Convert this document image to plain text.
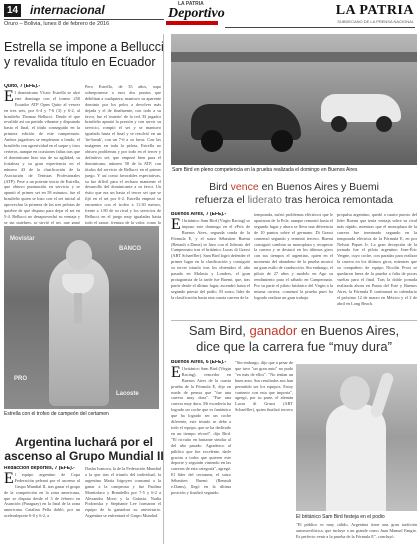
14 internacional
Oruro – Bolivia, lunes 8 de febrero de 2016
LA PATRIA
Deportivo	LA PATRIA
SUBDECANO DE LA PRENSA NACIONAL
Estrella se impone a Bellucci y revalida título en Ecuador
Quito, 7 (EFE).-
E l dominicano Víctor Estrella se alzó este domingo con el torneo 250 Ecuador ATP Open Quito al vencer en tres sets, por 6-4 y 7-6 (3) y 6-2, al brasileño Thomaz Bellucci. Desde el que revalidó así un partido vibrante y disputado hasta el final, el título conseguido en la primera edición de este campeonato. Ambos jugadores se emplearon a fondo, el brasileño con agresividad en el saque y tiros certeros, aunque en ocasiones faltas tras que el dominicano hizo uso de su agilidad, su fortaleza y su gran experiencia en el número 43 de la clasificación de la Asociación de Tenistas Profesionales (ATP). Pese a un potente inicio de Estrella, que obtuvo puntuación en servicio y se apuntó el primer set en 58 minutos, fue el brasileño quien se hizo con el set inicial al aprovechar la primera de las tres pelotas de quiebre de que dispuso para dejar el set en 5-4. Bellucci no desaprovechó su ventaja y se sin quiebres, se sirvió el set, que ganó
Pero Estrella, de 35 años, supo sobreponerse a esos dos puntos que debilitan a cualquiera, mantuvo su aparente dominio por los pelos a devolver más dejada y el de finalmente, con todo a su favor, fue el 'muerto' de la red. El jugador brasileño apuntó la presión y con servir su servicio, rompió el set y se mantuvo igualado hasta el final y se resolvió en un 'tie-break', con un 7-6 a su favor. Con las imágenes en toda la pelota, Estrella no obtuvo problemas y por todo en el tercer y definitivo set, que empezó bien para el dominicano, número 58 de la ATP, con títulos del servicio de Bellucci en el primer juego. Y así como favorables espectativas, su fue difícil para el rechazo mantener el desarrollo del dominicante a su favor. Un éxito que era un hasta el tercer set que se fijó en el set por 6-2. Estrella empezó su encuentro con el trofeo a 11:30 metros, frente a 1.80 de su rival y los servicios de Bellucci en el juego muy igualadas hasta todo el saque, frenazo de la valor, como lo
Movistar
BANCO
PRO
Lacoste
Estrella con el trofeo de campeón del certamen
Argentina luchará por el ascenso al Grupo Mundial II
Redacción deportes, 7 (EFE).-
E l equipo argentino de Copa Federación peleará por el ascenso al Grupo Mundial II, tras ganar el grupo de la competición en la zona americana, que se disputa desde el 3 de febrero en Asunción (Paraguay) en la final de la zona americana. Catalina Pella dobló, por un aceleraleporte 6-0 y 6-2, a
Dasha Ivanova, la de la Federación Mundial a la que tras el triunfo del individual, la argentina María Irigoyen consumó a la ganar a la campeona y fue Paulina Montinfaco y Brandellis por 7-5 y 6-2 a Alexandra Morri y la Galaxia. Nadia Podoroska y Stephanie Lee formaron el equipo de la ganadora su aniversario. Argentina se enfrentará el Grupo Mundial.
Sam Bird en pleno competencia en la prueba realizada el domingo en Buenos Aires
Bird vence en Buenos Aires y Buemi
refuerza el liderato tras heroica remontada
Buenos Aires, 7 (EFE).-
E l británico Sam Bird (Virgin Racing) se impuso este domingo en el ePrix de Buenos Aires, segunda ronda de la Fórmula E, y el suizo Sébastien Buemi (Renault e.Dams) se hizo con el liderato del Campeonato tras el británico Lucas di Grassi (ABT Schaeffler). Sam Bird logró defender el primer lugar en la clasificación y consiguió su tercer triunfo tras los obtenidos el año pasado en Malasia y Londres, el gran protagonista de la tarde fue Buemi, que, tras partir desde el último lugar, ascendió hasta el segundo puesto del podio. El suizo, líder de la clasificación hasta esta cuarta carrera de la
temporada, sufrió problemas eléctricos que le apartaron de la Pole, aunque remontó hasta el segundo lugar y ahora se lleva una diferencia de 10 puntos sobre el germano. Di Grassi comenzó segundo y terminó tercero. Buemi consiguió cambiar su monoplaza y recuperar la carrera y se destacó en los últimos giros con sus tiempos el argentino, quien en el momento del abandono de la prueba mostró un gran estilo de conducción. Sin embargo, el piloto de 27 años y modelo en Ago su rendimiento para el sábado en Campeonato. Por su parte el piloto británico del Virgin a la misma carrera, comenzó la prueba pues ha logrado realizar un gran trabajo.
propulsa argentino, quedó a cuarto puesto del líder Buemi que tenía ventaja sobre su rival más rápido, mientras que el monoplaza de la carrera fue terminado segundo en la temporada eléctrica de la Fórmula E, en por Nelson Piquet Jr. La gran decepción de la jornada fue el piloto argentino Jean-Éric Vergne, cuyo coche, con paradas para realizar la carrera en los últimos giros, mientras que su compañero de equipo Nicolás Prost se quedaron fuera de la prueba a falta de pocas vueltas para el final. Tras la doble jornada realizada ahora en Punta del Este y Buenos Aires, la Fórmula E continuará su calendario el próximo 12 de marzo en México y el 2 de abril en Long Beach.
Sam Bird, ganador en Buenos Aires,
dice que la carrera fue “muy dura”
Buenos Aires, 6 (EFE).-
E l británico Sam Bird (Virgin Racing), vencedor en Buenos Aires de la cuarta prueba de la Fórmula E, dijo en rueda de prensa que "fue una carrera muy dura". "Fue una carrera muy dura. Mi escudería ha logrado un coche que es fantástico que ha logrado ser un coche diferente, este triunfo se debe a todo el equipo, que se ha dedicado en un tiempo récord", dijo Bird. "El circuito en bastante similar al del año pasado. Agradezco al público que fue excelente, darle gracias a todos que quieren este deporte y seguirán viniendo en las carreras de esta categoría", agregó. El líder del certamen, el suizo Sébastien Buemi (Renault e.Dams), llegó en la última posición y finalizó segundo.
"Sin embargo, dijo que a pesar de que tuvo "un gran auto" no pudo "en más de ellos". "No tenían un buen auto. Sus resultados nos han permitido ser los equipos. Estoy contento con esta que importa", agregó, por su parte, el alemán Lucas di Grassi (ABT Schaeffler), quien finalizó tercero
El británico Sam Bird festeja en el podio
"El público es muy cálido, Argentina tiene una gran tradición automovilística, que incluye a un grande como Juan Manuel Fangio. Es perfecto venir a la prueba de la Fórmula E", concluyó.
